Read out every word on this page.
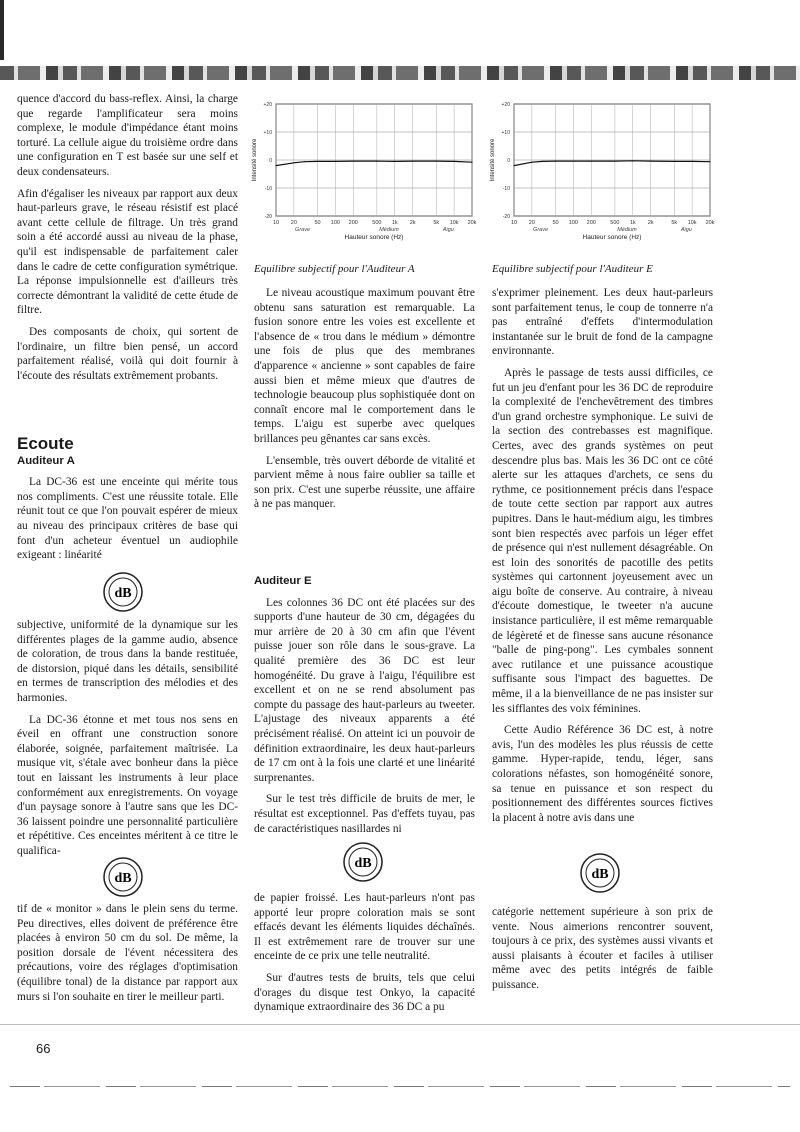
quence d'accord du bass-reflex. Ainsi, la charge que regarde l'amplificateur sera moins complexe, le module d'impédance étant moins torturé. La cellule aigue du troisième ordre dans une configuration en T est basée sur une self et deux condensateurs.

Afin d'égaliser les niveaux par rapport aux deux haut-parleurs grave, le réseau résistif est placé avant cette cellule de filtrage. Un très grand soin a été accordé aussi au niveau de la phase, qu'il est indispensable de parfaitement caler dans le cadre de cette configuration symétrique. La réponse impulsionnelle est d'ailleurs très correcte démontrant la validité de cette étude de filtre.

Des composants de choix, qui sortent de l'ordinaire, un filtre bien pensé, un accord parfaitement réalisé, voilà qui doit fournir à l'écoute des résultats extrêmement probants.

Ecoute

Auditeur A

La DC-36 est une enceinte qui mérite tous nos compliments. C'est une réussite totale. Elle réunit tout ce que l'on pouvait espérer de mieux au niveau des principaux critères de base qui font d'un acheteur éventuel un audiophile exigeant : linéarité

subjective, uniformité de la dynamique sur les différentes plages de la gamme audio, absence de coloration, de trous dans la bande restituée, de distorsion, piqué dans les détails, sensibilité en termes de transcription des mélodies et des harmonies.

La DC-36 étonne et met tous nos sens en éveil en offrant une construction sonore élaborée, soignée, parfaitement maîtrisée. La musique vit, s'étale avec bonheur dans la pièce tout en laissant les instruments à leur place conformément aux enregistrements. On voyage d'un paysage sonore à l'autre sans que les DC-36 laissent poindre une personnalité particulière et répétitive. Ces enceintes méritent à ce titre le qualifica-

tif de « monitor » dans le plein sens du terme. Peu directives, elles doivent de préférence être placées à environ 50 cm du sol. De même, la position dorsale de l'évent nécessitera des précautions, voire des réglages d'optimisation (équilibre tonal) de la distance par rapport aux murs si l'on souhaite en tirer le meilleur parti.

+20
+10
0
-10
-20
10 20	50 100 200	500 1k 2k	5k 10k 20k
Grave	Médium	Aigu
Hauteur sonore (Hz)
Intensité sonore
Equilibre subjectif pour l'Auditeur A

Le niveau acoustique maximum pouvant être obtenu sans saturation est remarquable. La fusion sonore entre les voies est excellente et l'absence de « trou dans le médium » démontre une fois de plus que des membranes d'apparence « ancienne » sont capables de faire aussi bien et même mieux que d'autres de technologie beaucoup plus sophistiquée dont on connaît encore mal le comportement dans le temps. L'aigu est superbe avec quelques brillances peu gênantes car sans excès.

L'ensemble, très ouvert déborde de vitalité et parvient même à nous faire oublier sa taille et son prix. C'est une superbe réussite, une affaire à ne pas manquer.

Auditeur E

Les colonnes 36 DC ont été placées sur des supports d'une hauteur de 30 cm, dégagées du mur arrière de 20 à 30 cm afin que l'évent puisse jouer son rôle dans le sous-grave. La qualité première des 36 DC est leur homogénéité. Du grave à l'aigu, l'équilibre est excellent et on ne se rend absolument pas compte du passage des haut-parleurs au tweeter. L'ajustage des niveaux apparents a été précisément réalisé. On atteint ici un pouvoir de définition extraordinaire, les deux haut-parleurs de 17 cm ont à la fois une clarté et une linéarité surprenantes.

Sur le test très difficile de bruits de mer, le résultat est exceptionnel. Pas d'effets tuyau, pas de caractéristiques nasillardes ni

de papier froissé. Les haut-parleurs n'ont pas apporté leur propre coloration mais se sont effacés devant les éléments liquides déchaînés. Il est extrêmement rare de trouver sur une enceinte de ce prix une telle neutralité.

Sur d'autres tests de bruits, tels que celui d'orages du disque test Onkyo, la capacité dynamique extraordinaire des 36 DC a pu

+20
+10
0
-10
-20
10 20	50 100 200	500 1k 2k	5k 10k 20k
Grave	Médium	Aigu
Hauteur sonore (Hz)
Intensité sonore
Equilibre subjectif pour l'Auditeur E

s'exprimer pleinement. Les deux haut-parleurs sont parfaitement tenus, le coup de tonnerre n'a pas entraîné d'effets d'intermodulation instantanée sur le bruit de fond de la campagne environnante.

Après le passage de tests aussi difficiles, ce fut un jeu d'enfant pour les 36 DC de reproduire la complexité de l'enchevêtrement des timbres d'un grand orchestre symphonique. Le suivi de la section des contrebasses est magnifique. Certes, avec des grands systèmes on peut descendre plus bas. Mais les 36 DC ont ce côté alerte sur les attaques d'archets, ce sens du rythme, ce positionnement précis dans l'espace de toute cette section par rapport aux autres pupitres. Dans le haut-médium aigu, les timbres sont bien respectés avec parfois un léger effet de présence qui n'est nullement désagréable. On est loin des sonorités de pacotille des petits systèmes qui cartonnent joyeusement avec un aigu boîte de conserve. Au contraire, à niveau d'écoute domestique, le tweeter n'a aucune insistance particulière, il est même remarquable de légèreté et de finesse sans aucune résonance "balle de ping-pong". Les cymbales sonnent avec rutilance et une puissance acoustique suffisante sous l'impact des baguettes. De même, il a la bienveillance de ne pas insister sur les sifflantes des voix féminines.

Cette Audio Référence 36 DC est, à notre avis, l'un des modèles les plus réussis de cette gamme. Hyper-rapide, tendu, léger, sans colorations néfastes, son homogénéité sonore, sa tenue en puissance et son respect du positionnement des différentes sources fictives la placent à notre avis dans une

catégorie nettement supérieure à son prix de vente. Nous aimerions rencontrer souvent, toujours à ce prix, des systèmes aussi vivants et aussi plaisants à écouter et faciles à utiliser même avec des petits intégrés de faible puissance.

dB
dB
dB
dB
66
